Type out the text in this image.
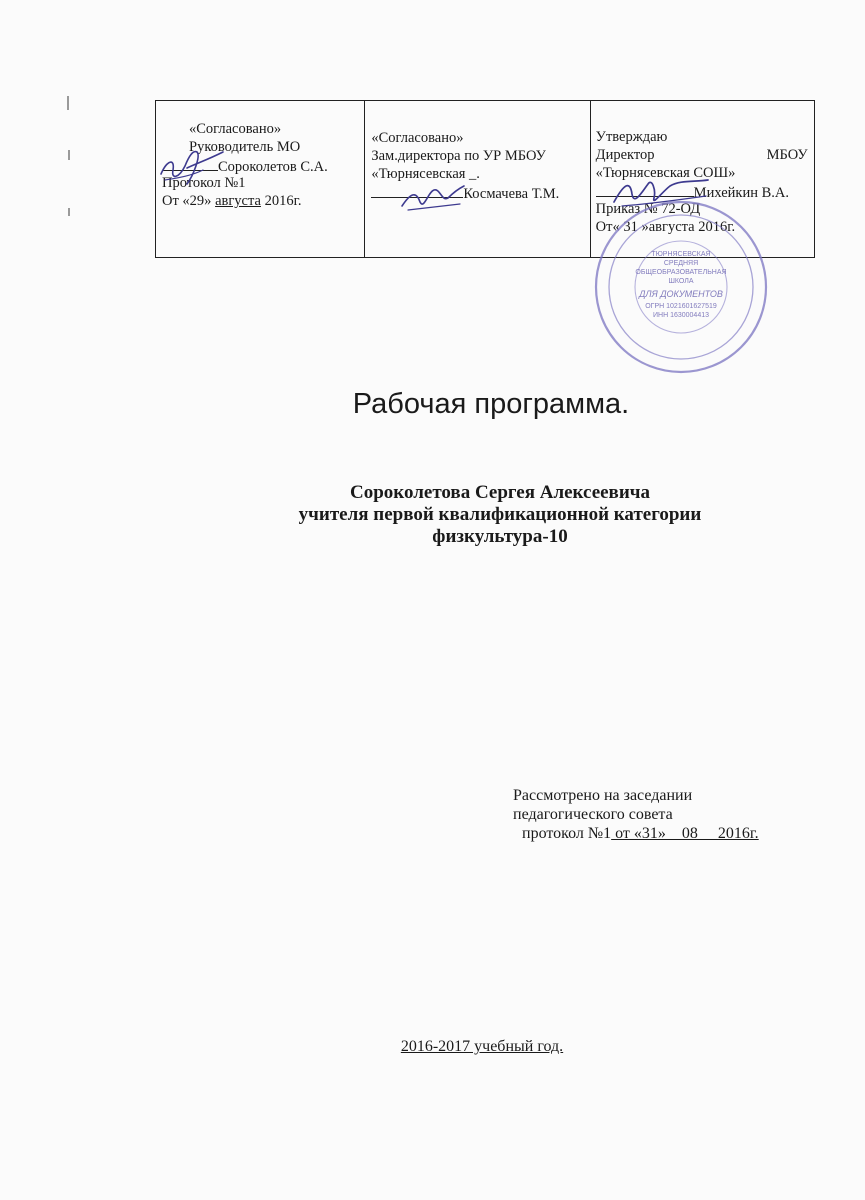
«Согласовано»
Руководитель МО
Сороколетов С.А.
Протокол №1
От «29» августа 2016г.
«Согласовано»
Зам.директора по УР МБОУ
«Тюрнясевская _.
Космачева Т.М.
Утверждаю
Директор	МБОУ
«Тюрнясевская СОШ»
Михейкин В.А.
Приказ № 72-ОД
От« 31 »августа 2016г.
ТЮРНЯСЕВСКАЯ
СРЕДНЯЯ
ОБЩЕОБРАЗОВАТЕЛЬНАЯ
ШКОЛА
ДЛЯ ДОКУМЕНТОВ
ОГРН 1021601627519
ИНН 1630004413
Рабочая программа.
Сороколетова Сергея Алексеевича
учителя первой квалификационной категории
физкультура-10
Рассмотрено на заседании
педагогического совета
протокол №1 от «31»    08     2016г.
2016-2017 учебный год.
